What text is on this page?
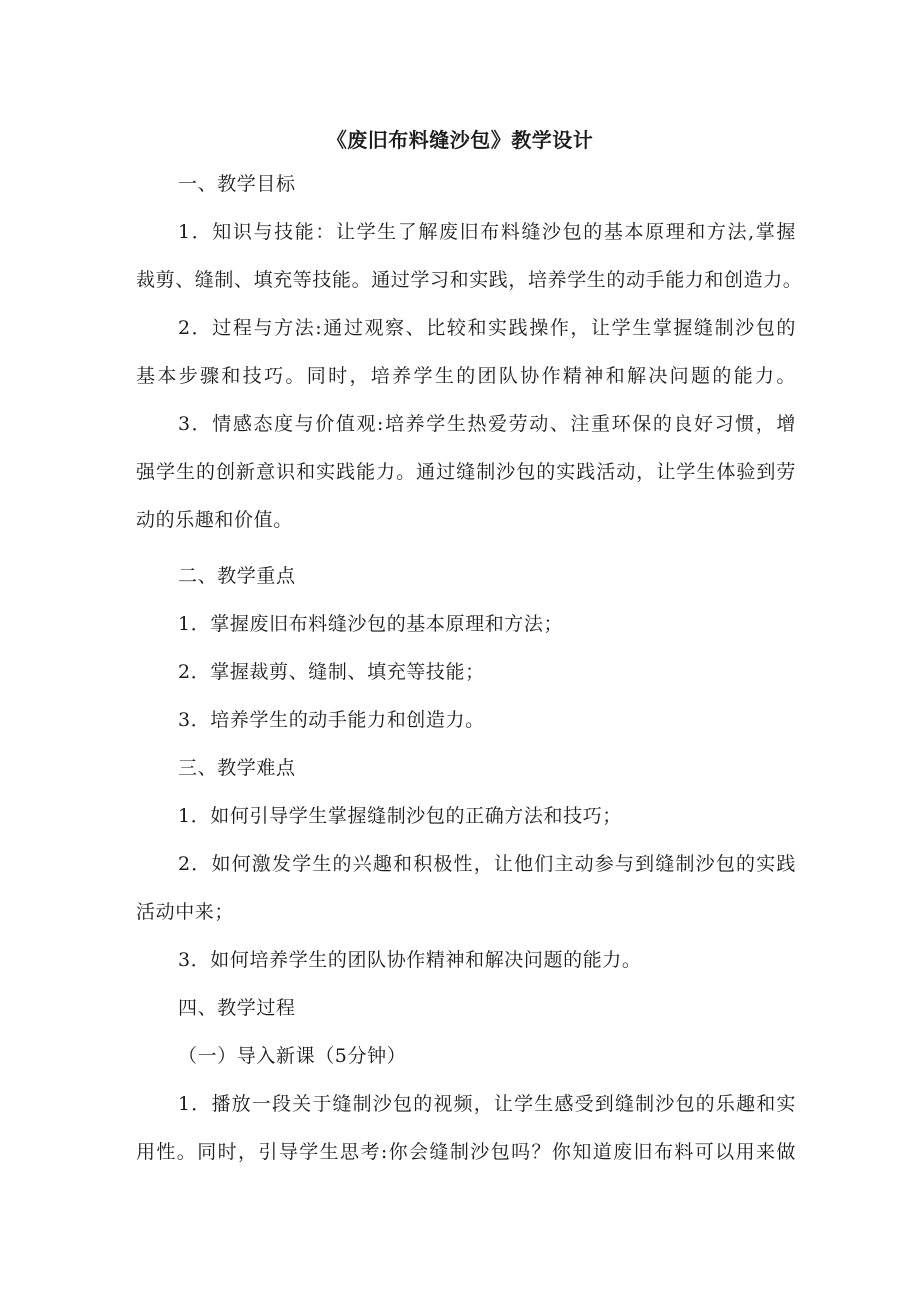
《废旧布料缝沙包》教学设计
一、教学目标
1．知识与技能：让学生了解废旧布料缝沙包的基本原理和方法,掌握
裁剪、缝制、填充等技能。通过学习和实践，培养学生的动手能力和创造力。
2．过程与方法:通过观察、比较和实践操作，让学生掌握缝制沙包的
基本步骤和技巧。同时，培养学生的团队协作精神和解决问题的能力。
3．情感态度与价值观:培养学生热爱劳动、注重环保的良好习惯，增
强学生的创新意识和实践能力。通过缝制沙包的实践活动，让学生体验到劳
动的乐趣和价值。
二、教学重点
1．掌握废旧布料缝沙包的基本原理和方法；
2．掌握裁剪、缝制、填充等技能；
3．培养学生的动手能力和创造力。
三、教学难点
1．如何引导学生掌握缝制沙包的正确方法和技巧；
2．如何激发学生的兴趣和积极性，让他们主动参与到缝制沙包的实践
活动中来；
3．如何培养学生的团队协作精神和解决问题的能力。
四、教学过程
（一）导入新课（5分钟）
1．播放一段关于缝制沙包的视频，让学生感受到缝制沙包的乐趣和实
用性。同时，引导学生思考:你会缝制沙包吗？你知道废旧布料可以用来做
